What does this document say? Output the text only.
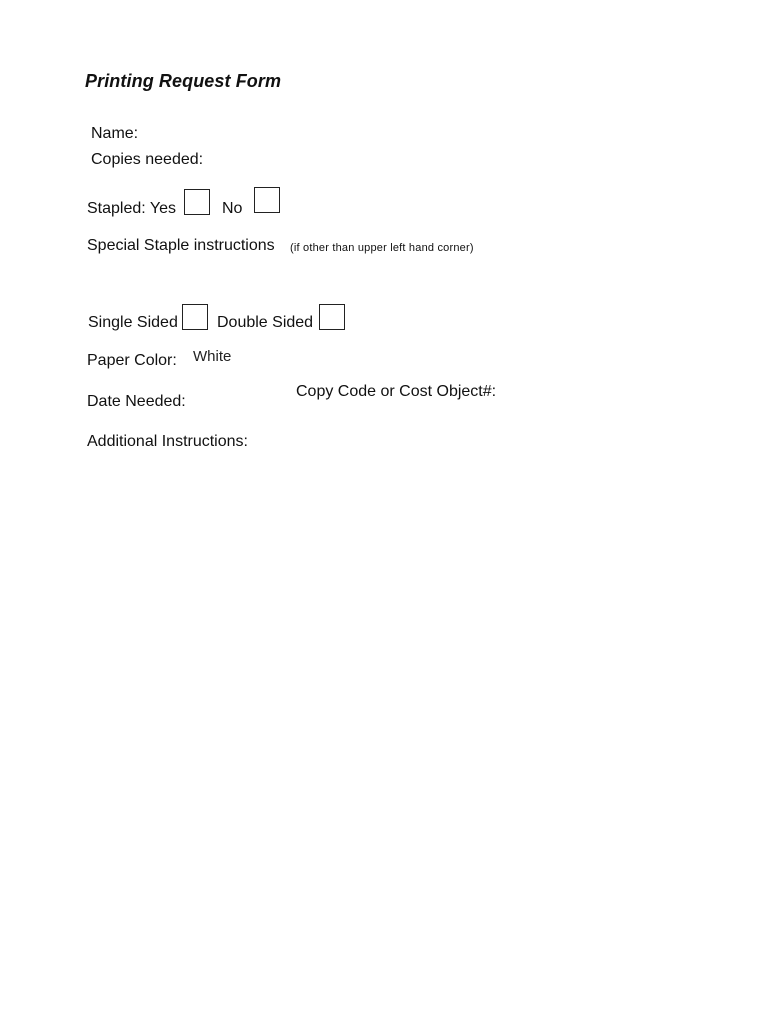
Printing Request Form
Name:
Copies needed:
Stapled: Yes	No
Special Staple instructions (if other than upper left hand corner)
Single Sided Double Sided
Paper Color: White
Date Needed:
Copy Code or Cost Object#:
Additional Instructions:
